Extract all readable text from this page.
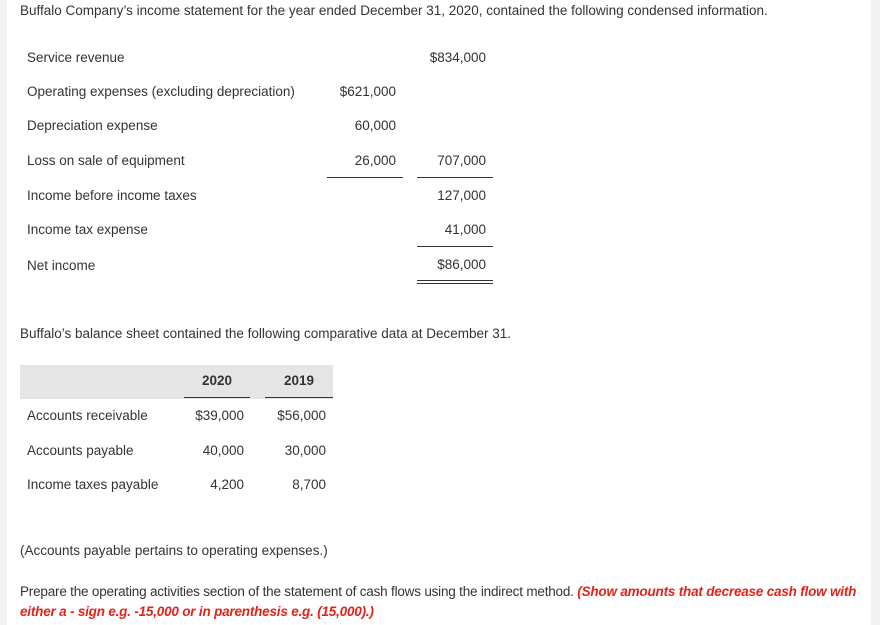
Buffalo Company’s income statement for the year ended December 31, 2020, contained the following condensed information.
Service revenue	$834,000
Operating expenses (excluding depreciation)	$621,000
Depreciation expense	60,000
Loss on sale of equipment	26,000	707,000
Income before income taxes	127,000
Income tax expense	41,000
Net income	$86,000
Buffalo’s balance sheet contained the following comparative data at December 31.
2020	2019
Accounts receivable	$39,000	$56,000
Accounts payable	40,000	30,000
Income taxes payable	4,200	8,700
(Accounts payable pertains to operating expenses.)
Prepare the operating activities section of the statement of cash flows using the indirect method. (Show amounts that decrease cash flow with either a - sign e.g. -15,000 or in parenthesis e.g. (15,000).)
